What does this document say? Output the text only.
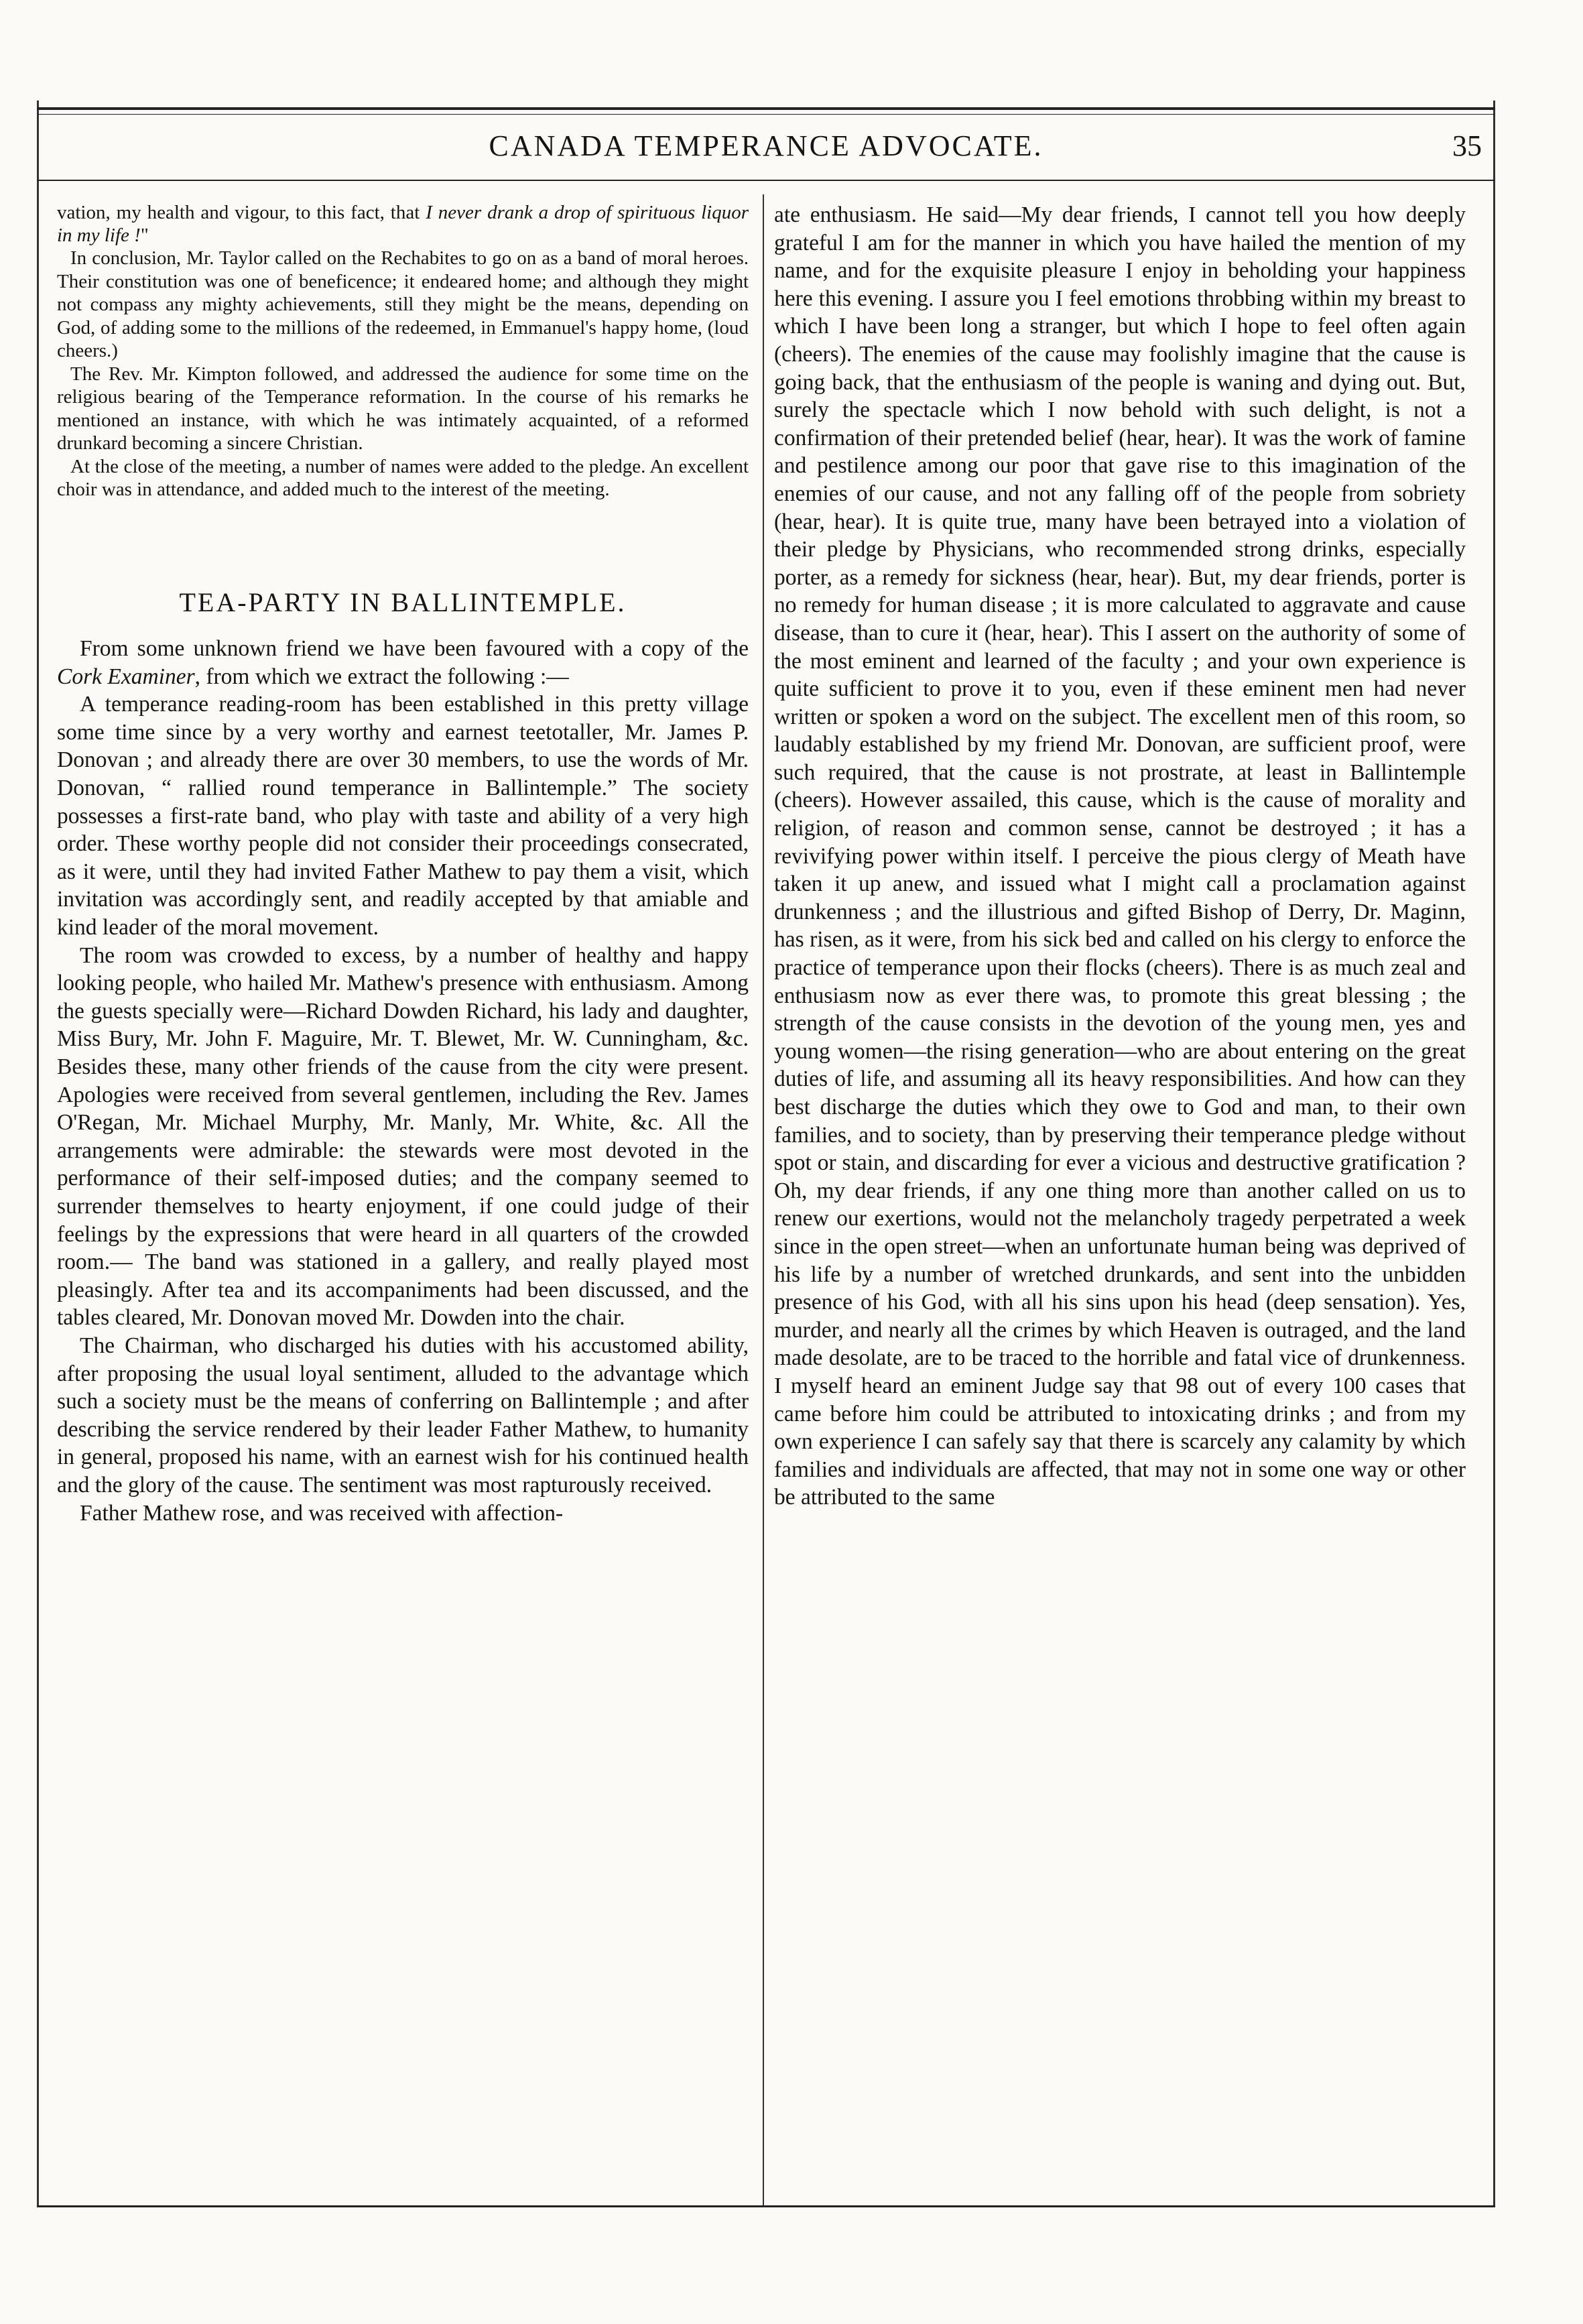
CANADA TEMPERANCE ADVOCATE.	35

vation, my health and vigour, to this fact, that I never drank a drop of spirituous liquor in my life !"

In conclusion, Mr. Taylor called on the Rechabites to go on as a band of moral heroes. Their constitution was one of beneficence; it endeared home; and although they might not compass any mighty achievements, still they might be the means, depending on God, of adding some to the millions of the redeemed, in Emmanuel's happy home, (loud cheers.)

The Rev. Mr. Kimpton followed, and addressed the audience for some time on the religious bearing of the Temperance reformation. In the course of his remarks he mentioned an instance, with which he was intimately acquainted, of a reformed drunkard becoming a sincere Christian.

At the close of the meeting, a number of names were added to the pledge. An excellent choir was in attendance, and added much to the interest of the meeting.

TEA-PARTY IN BALLINTEMPLE.

From some unknown friend we have been favoured with a copy of the Cork Examiner, from which we extract the following :—

A temperance reading-room has been established in this pretty village some time since by a very worthy and earnest teetotaller, Mr. James P. Donovan ; and already there are over 30 members, to use the words of Mr. Donovan, “ rallied round temperance in Ballintemple.” The society possesses a first-rate band, who play with taste and ability of a very high order. These worthy people did not consider their proceedings consecrated, as it were, until they had invited Father Mathew to pay them a visit, which invitation was accordingly sent, and readily accepted by that amiable and kind leader of the moral movement.

The room was crowded to excess, by a number of healthy and happy looking people, who hailed Mr. Mathew's presence with enthusiasm. Among the guests specially were—Richard Dowden Richard, his lady and daughter, Miss Bury, Mr. John F. Maguire, Mr. T. Blewet, Mr. W. Cunningham, &c. Besides these, many other friends of the cause from the city were present. Apologies were received from several gentlemen, including the Rev. James O'Regan, Mr. Michael Murphy, Mr. Manly, Mr. White, &c. All the arrangements were admirable: the stewards were most devoted in the performance of their self-imposed duties; and the company seemed to surrender themselves to hearty enjoyment, if one could judge of their feelings by the expressions that were heard in all quarters of the crowded room.— The band was stationed in a gallery, and really played most pleasingly. After tea and its accompaniments had been discussed, and the tables cleared, Mr. Donovan moved Mr. Dowden into the chair.

The Chairman, who discharged his duties with his accustomed ability, after proposing the usual loyal sentiment, alluded to the advantage which such a society must be the means of conferring on Ballintemple ; and after describing the service rendered by their leader Father Mathew, to humanity in general, proposed his name, with an earnest wish for his continued health and the glory of the cause. The sentiment was most rapturously received.

Father Mathew rose, and was received with affection-

ate enthusiasm. He said—My dear friends, I cannot tell you how deeply grateful I am for the manner in which you have hailed the mention of my name, and for the exquisite pleasure I enjoy in beholding your happiness here this evening. I assure you I feel emotions throbbing within my breast to which I have been long a stranger, but which I hope to feel often again (cheers). The enemies of the cause may foolishly imagine that the cause is going back, that the enthusiasm of the people is waning and dying out. But, surely the spectacle which I now behold with such delight, is not a confirmation of their pretended belief (hear, hear). It was the work of famine and pestilence among our poor that gave rise to this imagination of the enemies of our cause, and not any falling off of the people from sobriety (hear, hear). It is quite true, many have been betrayed into a violation of their pledge by Physicians, who recommended strong drinks, especially porter, as a remedy for sickness (hear, hear). But, my dear friends, porter is no remedy for human disease ; it is more calculated to aggravate and cause disease, than to cure it (hear, hear). This I assert on the authority of some of the most eminent and learned of the faculty ; and your own experience is quite sufficient to prove it to you, even if these eminent men had never written or spoken a word on the subject. The excellent men of this room, so laudably established by my friend Mr. Donovan, are sufficient proof, were such required, that the cause is not prostrate, at least in Ballintemple (cheers). However assailed, this cause, which is the cause of morality and religion, of reason and common sense, cannot be destroyed ; it has a revivifying power within itself. I perceive the pious clergy of Meath have taken it up anew, and issued what I might call a proclamation against drunkenness ; and the illustrious and gifted Bishop of Derry, Dr. Maginn, has risen, as it were, from his sick bed and called on his clergy to enforce the practice of temperance upon their flocks (cheers). There is as much zeal and enthusiasm now as ever there was, to promote this great blessing ; the strength of the cause consists in the devotion of the young men, yes and young women—the rising generation—who are about entering on the great duties of life, and assuming all its heavy responsibilities. And how can they best discharge the duties which they owe to God and man, to their own families, and to society, than by preserving their temperance pledge without spot or stain, and discarding for ever a vicious and destructive gratification ? Oh, my dear friends, if any one thing more than another called on us to renew our exertions, would not the melancholy tragedy perpetrated a week since in the open street—when an unfortunate human being was deprived of his life by a number of wretched drunkards, and sent into the unbidden presence of his God, with all his sins upon his head (deep sensation). Yes, murder, and nearly all the crimes by which Heaven is outraged, and the land made desolate, are to be traced to the horrible and fatal vice of drunkenness. I myself heard an eminent Judge say that 98 out of every 100 cases that came before him could be attributed to intoxicating drinks ; and from my own experience I can safely say that there is scarcely any calamity by which families and individuals are affected, that may not in some one way or other be attributed to the same
